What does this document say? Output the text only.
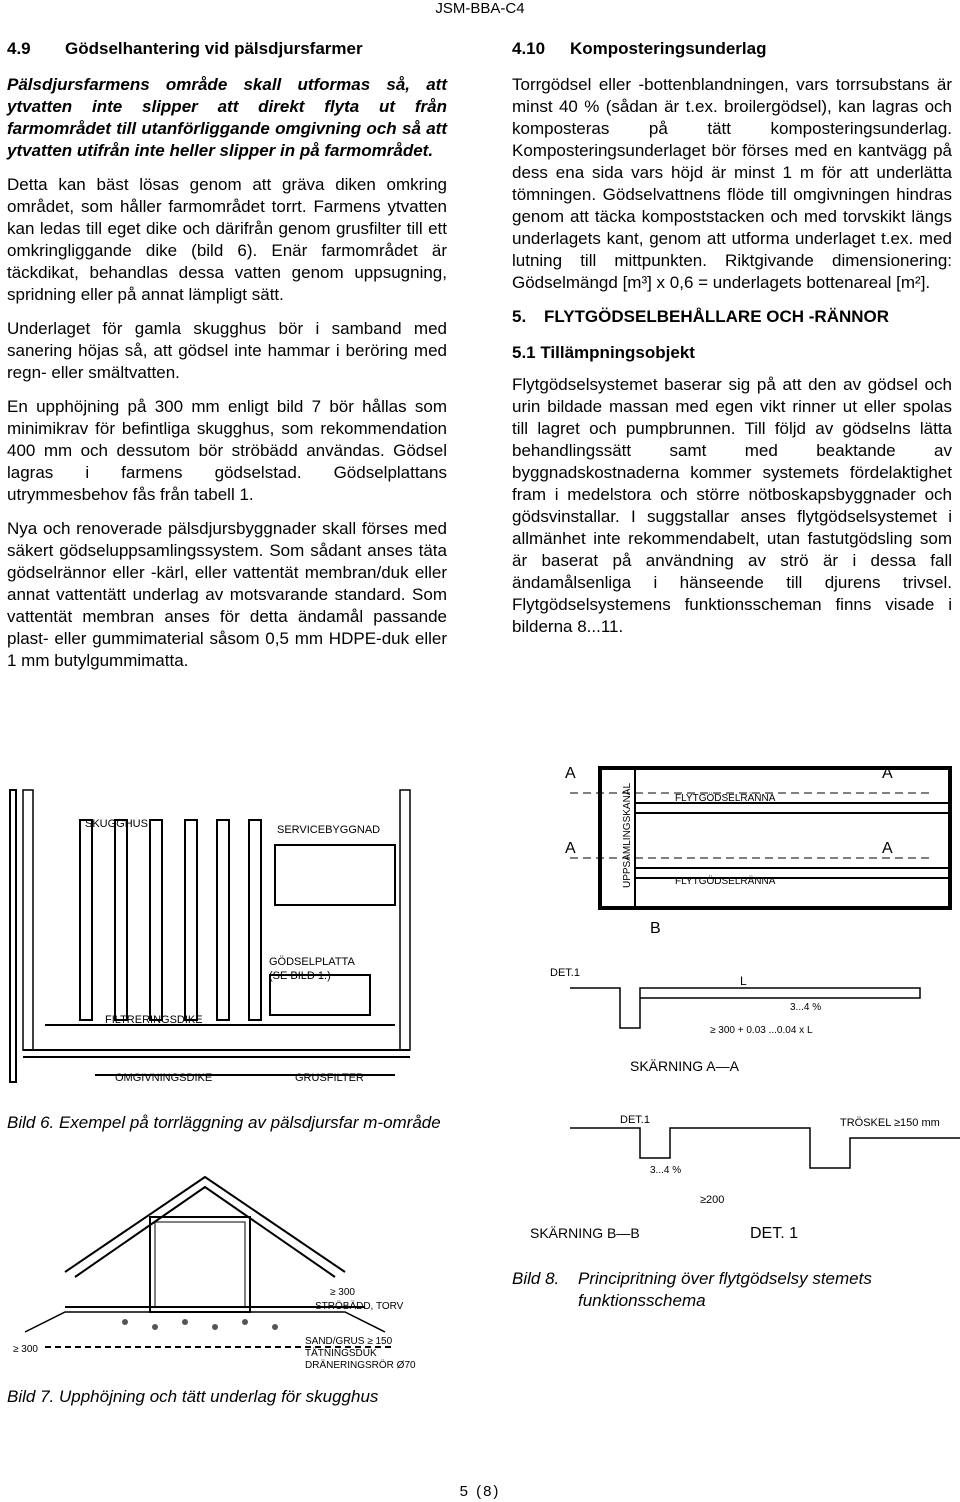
JSM-BBA-C4
4.9 Gödselhantering vid pälsdjursfarmer

Pälsdjursfarmens område skall utformas så, att ytvatten inte slipper att direkt flyta ut från farmområdet till utanförliggande omgivning och så att ytvatten utifrån inte heller slipper in på farmområdet.

Detta kan bäst lösas genom att gräva diken omkring området, som håller farmområdet torrt. Farmens ytvatten kan ledas till eget dike och därifrån genom grusfilter till ett omkringliggande dike (bild 6). Enär farmområdet är täckdikat, behandlas dessa vatten genom uppsugning, spridning eller på annat lämpligt sätt.

Underlaget för gamla skugghus bör i samband med sanering höjas så, att gödsel inte hammar i beröring med regn- eller smältvatten.

En upphöjning på 300 mm enligt bild 7 bör hållas som minimikrav för befintliga skugghus, som rekommendation 400 mm och dessutom bör ströbädd användas. Gödsel lagras i farmens gödselstad. Gödselplattans utrymmesbehov fås från tabell 1.

Nya och renoverade pälsdjursbyggnader skall förses med säkert gödseluppsamlingssystem. Som sådant anses täta gödselrännor eller -kärl, eller vattentät membran/duk eller annat vattentätt underlag av motsvarande standard. Som vattentät membran anses för detta ändamål passande plast- eller gummimaterial såsom 0,5 mm HDPE-duk eller 1 mm butylgummimatta.

SKUGGHUS	SERVICEBYGGNAD
GÖDSELPLATTA
(SE BILD 1.)
FILTRERINGSDIKE
OMGIVNINGSDIKE	GRUSFILTER
Bild 6. Exempel på torrläggning av pälsdjursfar m-område
≥ 300
STRÖBÄDD, TORV
≥ 300
SAND/GRUS ≥ 150
TÄTNINGSDUK
DRÄNERINGSRÖR Ø70
Bild 7. Upphöjning och tätt underlag för skugghus
4.10 Komposteringsunderlag

Torrgödsel eller -bottenblandningen, vars torrsubstans är minst 40 % (sådan är t.ex. broilergödsel), kan lagras och komposteras på tätt komposteringsunderlag. Komposteringsunderlaget bör förses med en kantvägg på dess ena sida vars höjd är minst 1 m för att underlätta tömningen. Gödselvattnens flöde till omgivningen hindras genom att täcka kompoststacken och med torvskikt längs underlagets kant, genom att utforma underlaget t.ex. med lutning till mittpunkten. Riktgivande dimensionering: Gödselmängd [m³] x 0,6 = underlagets bottenareal [m²].

5. FLYTGÖDSELBEHÅLLARE OCH -RÄNNOR
5.1 Tillämpningsobjekt

Flytgödselsystemet baserar sig på att den av gödsel och urin bildade massan med egen vikt rinner ut eller spolas till lagret och pumpbrunnen. Till följd av gödselns lätta behandlingssätt samt med beaktande av byggnadskostnaderna kommer systemets fördelaktighet fram i medelstora och större nötboskapsbyggnader och gödsvinstallar. I suggstallar anses flytgödselsystemet i allmänhet inte rekommendabelt, utan fastutgödsling som är baserat på användning av strö är i dessa fall ändamålsenliga i hänseende till djurens trivsel. Flytgödselsystemens funktionsscheman finns visade i bilderna 8...11.

A	A
A	A
B
UPPSAMLINGSKANAL	FLYTGÖDSELRÄNNA
FLYTGÖDSELRÄNNA
DET.1
L
3...4 %
≥ 300 + 0.03 ...0.04 x L
SKÄRNING A—A
DET.1	TRÖSKEL ≥150 mm
3...4 %
≥200
SKÄRNING B—B	DET. 1
Bild 8. Principritning över flytgödselsy stemets funktionsschema
5 (8)
